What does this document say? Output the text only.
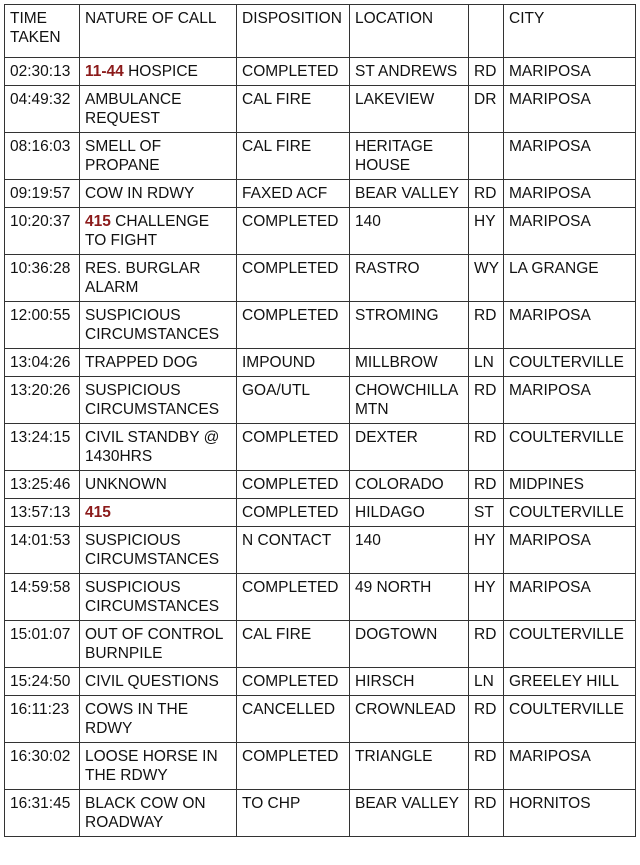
TIME TAKEN	NATURE OF CALL	DISPOSITION	LOCATION		CITY
02:30:13	11-44 HOSPICE	COMPLETED	ST ANDREWS	RD	MARIPOSA
04:49:32	AMBULANCE REQUEST	CAL FIRE	LAKEVIEW	DR	MARIPOSA
08:16:03	SMELL OF PROPANE	CAL FIRE	HERITAGE HOUSE		MARIPOSA
09:19:57	COW IN RDWY	FAXED ACF	BEAR VALLEY	RD	MARIPOSA
10:20:37	415 CHALLENGE TO FIGHT	COMPLETED	140	HY	MARIPOSA
10:36:28	RES. BURGLAR ALARM	COMPLETED	RASTRO	WY	LA GRANGE
12:00:55	SUSPICIOUS CIRCUMSTANCES	COMPLETED	STROMING	RD	MARIPOSA
13:04:26	TRAPPED DOG	IMPOUND	MILLBROW	LN	COULTERVILLE
13:20:26	SUSPICIOUS CIRCUMSTANCES	GOA/UTL	CHOWCHILLA MTN	RD	MARIPOSA
13:24:15	CIVIL STANDBY @ 1430HRS	COMPLETED	DEXTER	RD	COULTERVILLE
13:25:46	UNKNOWN	COMPLETED	COLORADO	RD	MIDPINES
13:57:13	415	COMPLETED	HILDAGO	ST	COULTERVILLE
14:01:53	SUSPICIOUS CIRCUMSTANCES	N CONTACT	140	HY	MARIPOSA
14:59:58	SUSPICIOUS CIRCUMSTANCES	COMPLETED	49 NORTH	HY	MARIPOSA
15:01:07	OUT OF CONTROL BURNPILE	CAL FIRE	DOGTOWN	RD	COULTERVILLE
15:24:50	CIVIL QUESTIONS	COMPLETED	HIRSCH	LN	GREELEY HILL
16:11:23	COWS IN THE RDWY	CANCELLED	CROWNLEAD	RD	COULTERVILLE
16:30:02	LOOSE HORSE IN THE RDWY	COMPLETED	TRIANGLE	RD	MARIPOSA
16:31:45	BLACK COW ON ROADWAY	TO CHP	BEAR VALLEY	RD	HORNITOS
